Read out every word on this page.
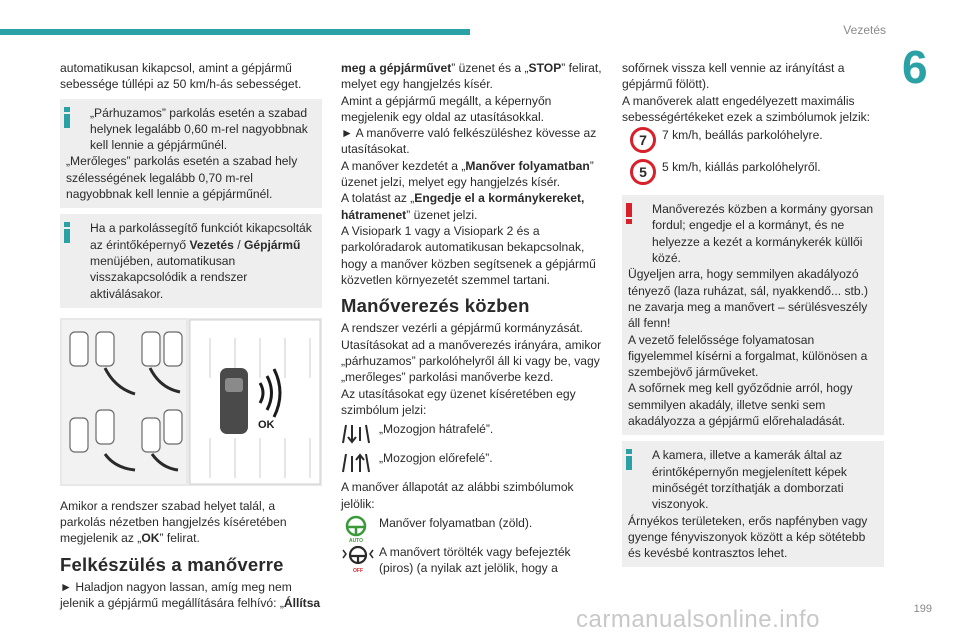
Vezetés
6

automatikusan kikapcsol, amint a gépjármű sebessége túllépi az 50 km/h-ás sebességet.

„Párhuzamos” parkolás esetén a szabad helynek legalább 0,60 m-rel nagyobbnak kell lennie a gépjárműnél.

„Merőleges” parkolás esetén a szabad hely szélességének legalább 0,70 m-rel nagyobbnak kell lennie a gépjárműnél.

Ha a parkolássegítő funkciót kikapcsolták az érintőképernyő Vezetés / Gépjármű menüjében, automatikusan visszakapcsolódik a rendszer aktiválásakor.

OK

Amikor a rendszer szabad helyet talál, a parkolás nézetben hangjelzés kíséretében megjelenik az „OK” felirat.

Felkészülés a manőverre

► Haladjon nagyon lassan, amíg meg nem jelenik a gépjármű megállítására felhívó: „Állítsa

meg a gépjárművet” üzenet és a „STOP” felirat, melyet egy hangjelzés kísér.

Amint a gépjármű megállt, a képernyőn megjelenik egy oldal az utasításokkal.

► A manőverre való felkészüléshez kövesse az utasításokat.

A manőver kezdetét a „Manőver folyamatban” üzenet jelzi, melyet egy hangjelzés kísér.

A tolatást az „Engedje el a kormánykereket, hátramenet” üzenet jelzi.

A Visiopark 1 vagy a Visiopark 2 és a parkolóradarok automatikusan bekapcsolnak, hogy a manőver közben segítsenek a gépjármű közvetlen környezetét szemmel tartani.

Manőverezés közben

A rendszer vezérli a gépjármű kormányzását. Utasításokat ad a manőverezés irányára, amikor „párhuzamos” parkolóhelyről áll ki vagy be, vagy „merőleges” parkolási manőverbe kezd.

Az utasításokat egy üzenet kíséretében egy szimbólum jelzi:

„Mozogjon hátrafelé”.

„Mozogjon előrefelé”.

A manőver állapotát az alábbi szimbólumok jelölik:

AUTO

Manőver folyamatban (zöld).

OFF

A manővert törölték vagy befejezték (piros) (a nyilak azt jelölik, hogy a

sofőrnek vissza kell vennie az irányítást a gépjármű fölött).

A manőverek alatt engedélyezett maximális sebességértékeket ezek a szimbólumok jelzik:

7	7 km/h, beállás parkolóhelyre.

5	5 km/h, kiállás parkolóhelyről.

Manőverezés közben a kormány gyorsan fordul; engedje el a kormányt, és ne helyezze a kezét a kormánykerék küllői közé.

Ügyeljen arra, hogy semmilyen akadályozó tényező (laza ruházat, sál, nyakkendő... stb.) ne zavarja meg a manővert – sérülésveszély áll fenn!

A vezető felelőssége folyamatosan figyelemmel kísérni a forgalmat, különösen a szembejövő járműveket.

A sofőrnek meg kell győződnie arról, hogy semmilyen akadály, illetve senki sem akadályozza a gépjármű előrehaladását.

A kamera, illetve a kamerák által az érintőképernyőn megjelenített képek minőségét torzíthatják a domborzati viszonyok.

Árnyékos területeken, erős napfényben vagy gyenge fényviszonyok között a kép sötétebb és kevésbé kontrasztos lehet.

carmanualsonline.info	199
